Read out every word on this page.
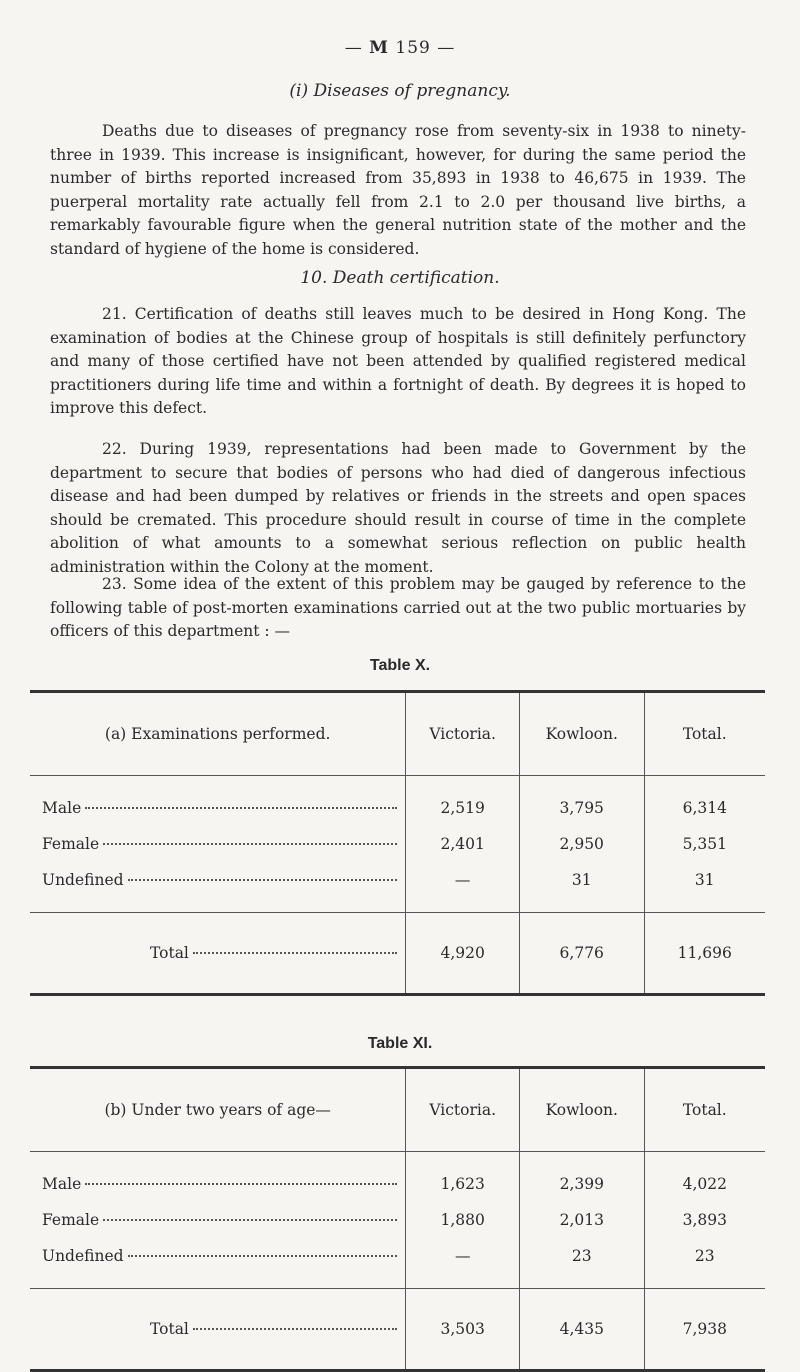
— M 159 —
(i) Diseases of pregnancy.

Deaths due to diseases of pregnancy rose from seventy-six in 1938 to ninety-three in 1939. This increase is insignificant, however, for during the same period the number of births reported increased from 35,893 in 1938 to 46,675 in 1939. The puerperal mortality rate actually fell from 2.1 to 2.0 per thousand live births, a remarkably favourable figure when the general nutrition state of the mother and the standard of hygiene of the home is considered.

10. Death certification.

21. Certification of deaths still leaves much to be desired in Hong Kong. The examination of bodies at the Chinese group of hospitals is still definitely perfunctory and many of those certified have not been attended by qualified registered medical practitioners during life time and within a fortnight of death. By degrees it is hoped to improve this defect.

22. During 1939, representations had been made to Government by the department to secure that bodies of persons who had died of dangerous infectious disease and had been dumped by relatives or friends in the streets and open spaces should be cremated. This procedure should result in course of time in the complete abolition of what amounts to a somewhat serious reflection on public health administration within the Colony at the moment.

23. Some idea of the extent of this problem may be gauged by reference to the following table of post-morten examinations carried out at the two public mortuaries by officers of this department : —

Table X.
(a) Examinations performed.	Victoria.	Kowloon.	Total.

Male	2,519	3,795	6,314

Female	2,401	2,950	5,351

Undefined	—	31	31

Total	4,920	6,776	11,696
Table XI.
(b) Under two years of age—	Victoria.	Kowloon.	Total.

Male	1,623	2,399	4,022

Female	1,880	2,013	3,893

Undefined	—	23	23

Total	3,503	4,435	7,938
